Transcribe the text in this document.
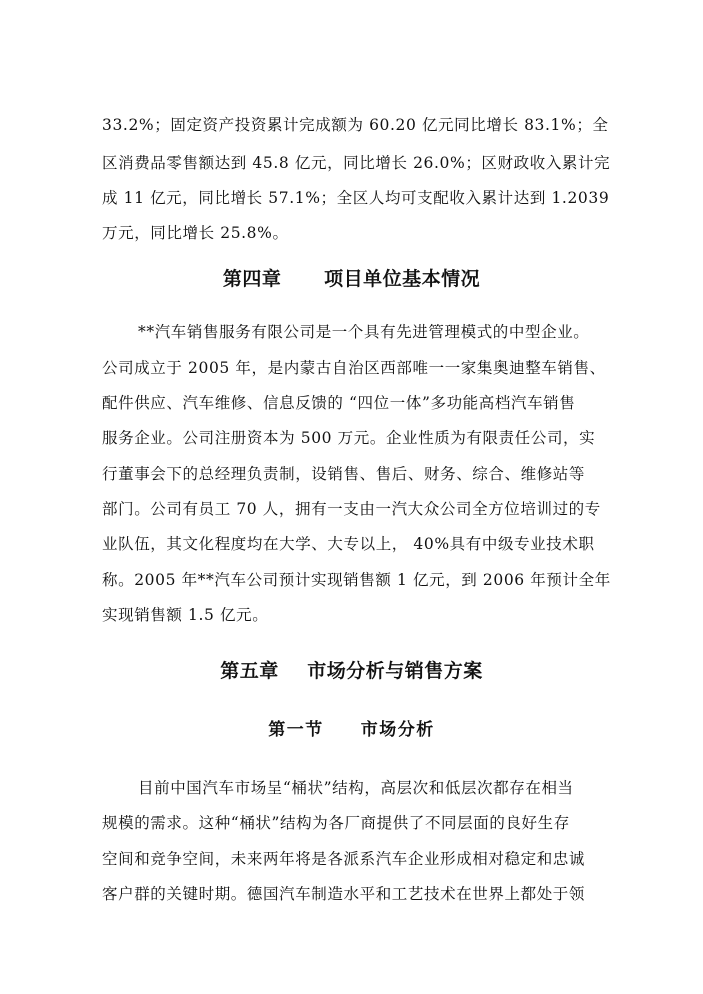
33.2%；固定资产投资累计完成额为 60.20 亿元同比增长 83.1%；全
区消费品零售额达到 45.8 亿元，同比增长 26.0%；区财政收入累计完
成 11 亿元，同比增长 57.1%；全区人均可支配收入累计达到 1.2039
万元，同比增长 25.8%。
第四章      项目单位基本情况
**汽车销售服务有限公司是一个具有先进管理模式的中型企业。
公司成立于 2005 年，是内蒙古自治区西部唯一一家集奥迪整车销售、
配件供应、汽车维修、信息反馈的 “四位一体”多功能高档汽车销售
服务企业。公司注册资本为 500 万元。企业性质为有限责任公司，实
行董事会下的总经理负责制，设销售、售后、财务、综合、维修站等
部门。公司有员工 70 人，拥有一支由一汽大众公司全方位培训过的专
业队伍，其文化程度均在大学、大专以上， 40%具有中级专业技术职
称。2005 年**汽车公司预计实现销售额 1 亿元，到 2006 年预计全年
实现销售额 1.5 亿元。
第五章    市场分析与销售方案
第一节     市场分析
目前中国汽车市场呈“桶状”结构，高层次和低层次都存在相当
规模的需求。这种“桶状”结构为各厂商提供了不同层面的良好生存
空间和竞争空间，未来两年将是各派系汽车企业形成相对稳定和忠诚
客户群的关键时期。德国汽车制造水平和工艺技术在世界上都处于领
